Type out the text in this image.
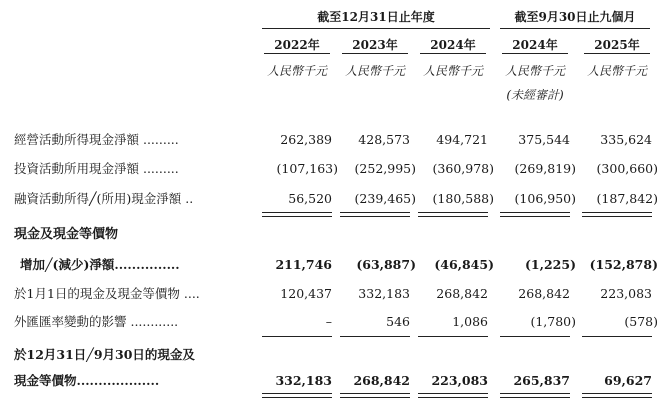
截至12月31日止年度	截至9月30日止九個月
2022年	2023年	2024年	2024年	2025年
人民幣千元	人民幣千元	人民幣千元	人民幣千元	人民幣千元
(未經審計)
經營活動所得現金淨額 .........	262,389	428,573	494,721	375,544	335,624
投資活動所用現金淨額 .........	(107,163)	(252,995)	(360,978)	(269,819)	(300,660)
融資活動所得╱(所用)現金淨額 ..	56,520	(239,465)	(180,588)	(106,950)	(187,842)
現金及現金等價物
增加╱(減少)淨額...............	211,746	(63,887)	(46,845)	(1,225)	(152,878)
於1月1日的現金及現金等價物 ....	120,437	332,183	268,842	268,842	223,083
外匯匯率變動的影響 ............	–	546	1,086	(1,780)	(578)
於12月31日╱9月30日的現金及
現金等價物...................	332,183	268,842	223,083	265,837	69,627
